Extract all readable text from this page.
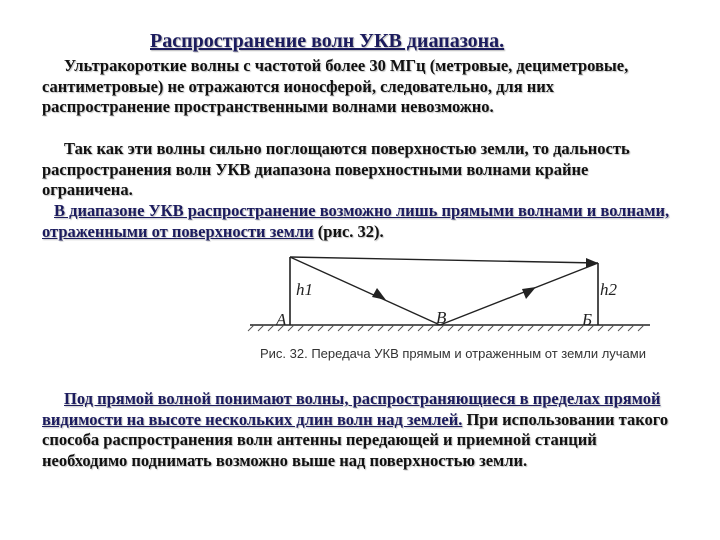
Распространение волн УКВ диапазона.
Ультракороткие волны с частотой более 30 МГц (метровые, дециметровые, сантиметровые) не отражаются ионосферой, следовательно, для них распространение пространственными волнами невозможно.
Так как эти волны сильно поглощаются поверхностью земли, то дальность распространения волн УКВ диапазона поверхностными волнами крайне ограничена.
В диапазоне УКВ распространение возможно лишь прямыми волнами и волнами, отраженными от поверхности земли (рис. 32).
h1	h2
А	В	Б
Рис. 32. Передача УКВ прямым и отраженным от земли лучами
Под прямой волной понимают волны, распространяющиеся в пределах прямой видимости на высоте нескольких длин волн над землей. При использовании такого способа распространения волн антенны передающей и приемной станций необходимо поднимать возможно выше над поверхностью земли.
